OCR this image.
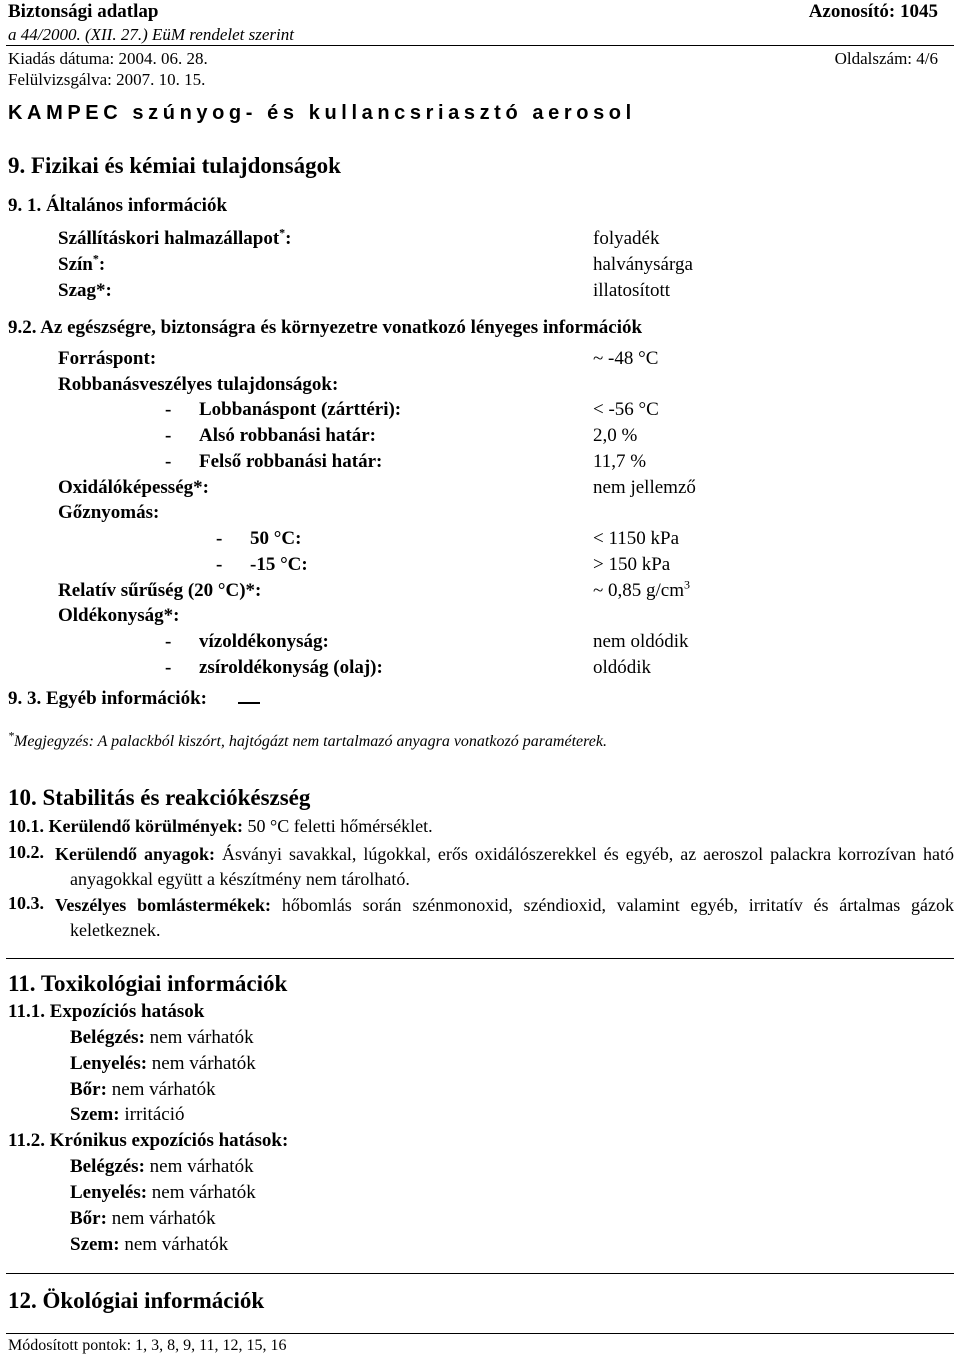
Biztonsági adatlap	Azonosító: 1045
a 44/2000. (XII. 27.) EüM rendelet szerint
Kiadás dátuma: 2004. 06. 28.	Oldalszám: 4/6
Felülvizsgálva: 2007. 10. 15.
KAMPEC szúnyog- és kullancsriasztó aerosol
9. Fizikai és kémiai tulajdonságok
9. 1. Általános információk
Szállításkori halmazállapot*:	folyadék
Szín*:	halványsárga
Szag*:	illatosított
9.2. Az egészségre, biztonságra és környezetre vonatkozó lényeges információk
Forráspont:	~ -48 °C
Robbanásveszélyes tulajdonságok:
- Lobbanáspont (zárttéri):	< -56 °C
- Alsó robbanási határ:	2,0 %
- Felső robbanási határ:	11,7 %
Oxidálóképesség*:	nem jellemző
Gőznyomás:
- 50 °C:	< 1150 kPa
- -15 °C:	> 150 kPa
Relatív sűrűség (20 °C)*:	~ 0,85 $g/cm^3$
Oldékonyság*:
- vízoldékonyság:	nem oldódik
- zsíroldékonyság (olaj):	oldódik
9. 3. Egyéb információk:
*Megjegyzés: A palackból kiszórt, hajtógázt nem tartalmazó anyagra vonatkozó paraméterek.
10. Stabilitás és reakciókészség
10.1. Kerülendő körülmények: 50 °C feletti hőmérséklet.
10.2. Kerülendő anyagok: Ásványi savakkal, lúgokkal, erős oxidálószerekkel és egyéb, az aeroszol palackra korrozívan ható anyagokkal együtt a készítmény nem tárolható.
10.3. Veszélyes bomlástermékek: hőbomlás során szénmonoxid, széndioxid, valamint egyéb, irritatív és ártalmas gázok keletkeznek.
11. Toxikológiai információk
11.1. Expozíciós hatások
Belégzés: nem várhatók
Lenyelés: nem várhatók
Bőr: nem várhatók
Szem: irritáció
11.2. Krónikus expozíciós hatások:
Belégzés: nem várhatók
Lenyelés: nem várhatók
Bőr: nem várhatók
Szem: nem várhatók
12. Ökológiai információk
Módosított pontok: 1, 3, 8, 9, 11, 12, 15, 16
